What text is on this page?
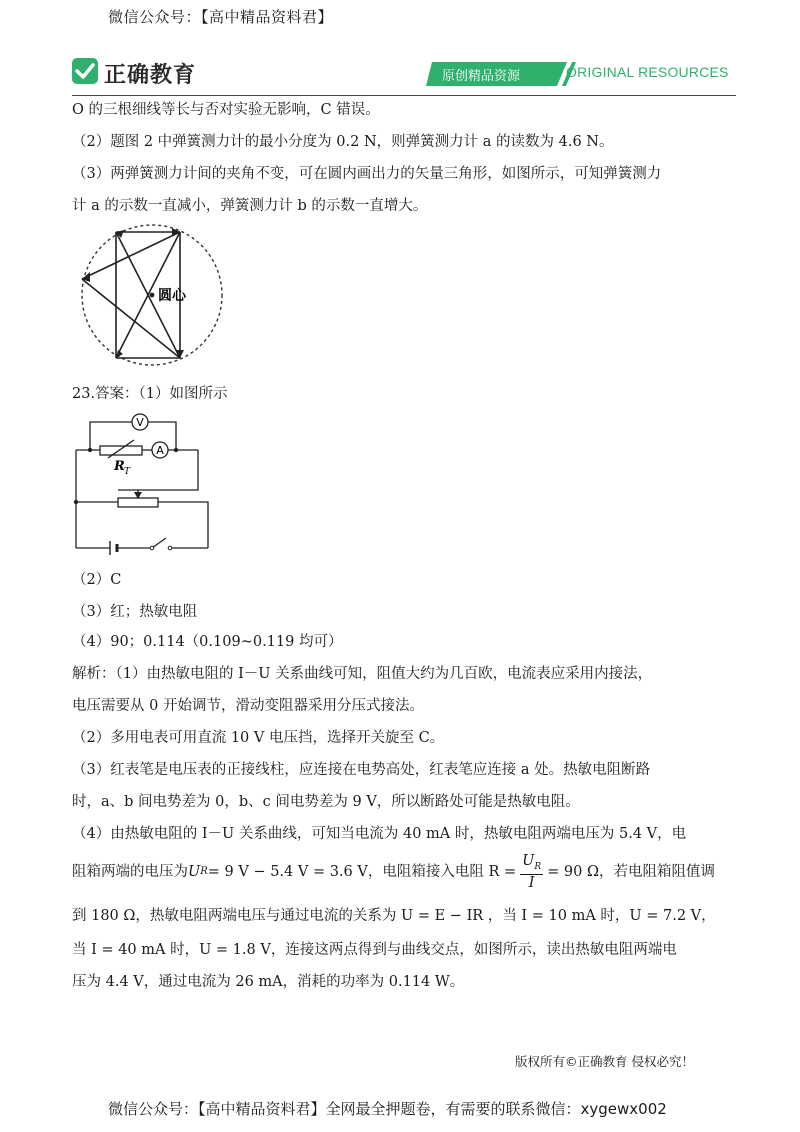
微信公众号：【高中精品资料君】
正确教育	原创精品资源	ORIGINAL RESOURCES

O 的三根细线等长与否对实验无影响，C 错误。

（2）题图 2 中弹簧测力计的最小分度为 0.2 N，则弹簧测力计 a 的读数为 4.6 N。

（3）两弹簧测力计间的夹角不变，可在圆内画出力的矢量三角形，如图所示，可知弹簧测力

计 a 的示数一直减小，弹簧测力计 b 的示数一直增大。

圆心

23.答案：（1）如图所示

V
A
R T

（2）C

（3）红；热敏电阻

（4）90；0.114（0.109~0.119 均可）

解析：（1）由热敏电阻的 I－U 关系曲线可知，阻值大约为几百欧，电流表应采用内接法，

电压需要从 0 开始调节，滑动变阻器采用分压式接法。

（2）多用电表可用直流 10 V 电压挡，选择开关旋至 C。

（3）红表笔是电压表的正接线柱，应连接在电势高处，红表笔应连接 a 处。热敏电阻断路

时，a、b 间电势差为 0，b、c 间电势差为 9 V，所以断路处可能是热敏电阻。

（4）由热敏电阻的 I－U 关系曲线，可知当电流为 40 mA 时，热敏电阻两端电压为 5.4 V，电

阻箱两端的电压为 U R = 9 V − 5.4 V = 3.6 V ，电阻箱接入电阻 $R = \frac{U_R}{I} = 90$ Ω ，若电阻箱阻值调

到 180 Ω，热敏电阻两端电压与通过电流的关系为 U = E − IR ，当 I = 10 mA 时，U = 7.2 V，

当 I = 40 mA 时，U = 1.8 V，连接这两点得到与曲线交点，如图所示，读出热敏电阻两端电

压为 4.4 V，通过电流为 26 mA，消耗的功率为 0.114 W。

版权所有©正确教育 侵权必究！
微信公众号：【高中精品资料君】全网最全押题卷，有需要的联系微信：xygewx002
